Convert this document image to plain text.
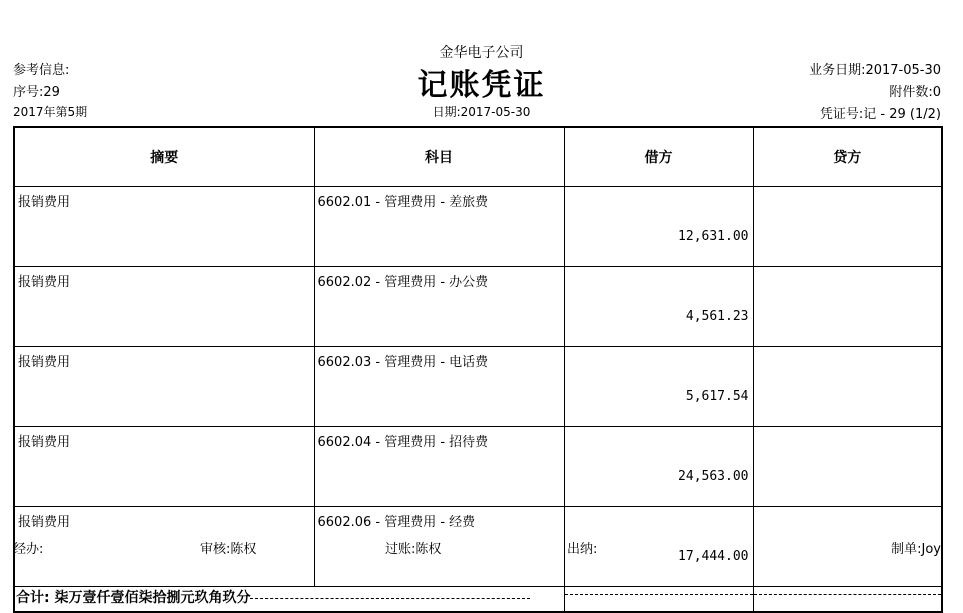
金华电子公司
记账凭证
日期:2017-05-30
参考信息:
序号:29
2017年第5期
业务日期:2017-05-30
附件数:0
凭证号:记 - 29 (1/2)
摘要	科目	借方	贷方
报销费用	6602.01 - 管理费用 - 差旅费	12,631.00	
报销费用	6602.02 - 管理费用 - 办公费	4,561.23	
报销费用	6602.03 - 管理费用 - 电话费	5,617.54	
报销费用	6602.04 - 管理费用 - 招待费	24,563.00	
报销费用	6602.06 - 管理费用 - 经费	17,444.00	
合计: 柒万壹仟壹佰柒拾捌元玖角玖分			
经办:	审核:陈权	过账:陈权	出纳:	制单:Joy
